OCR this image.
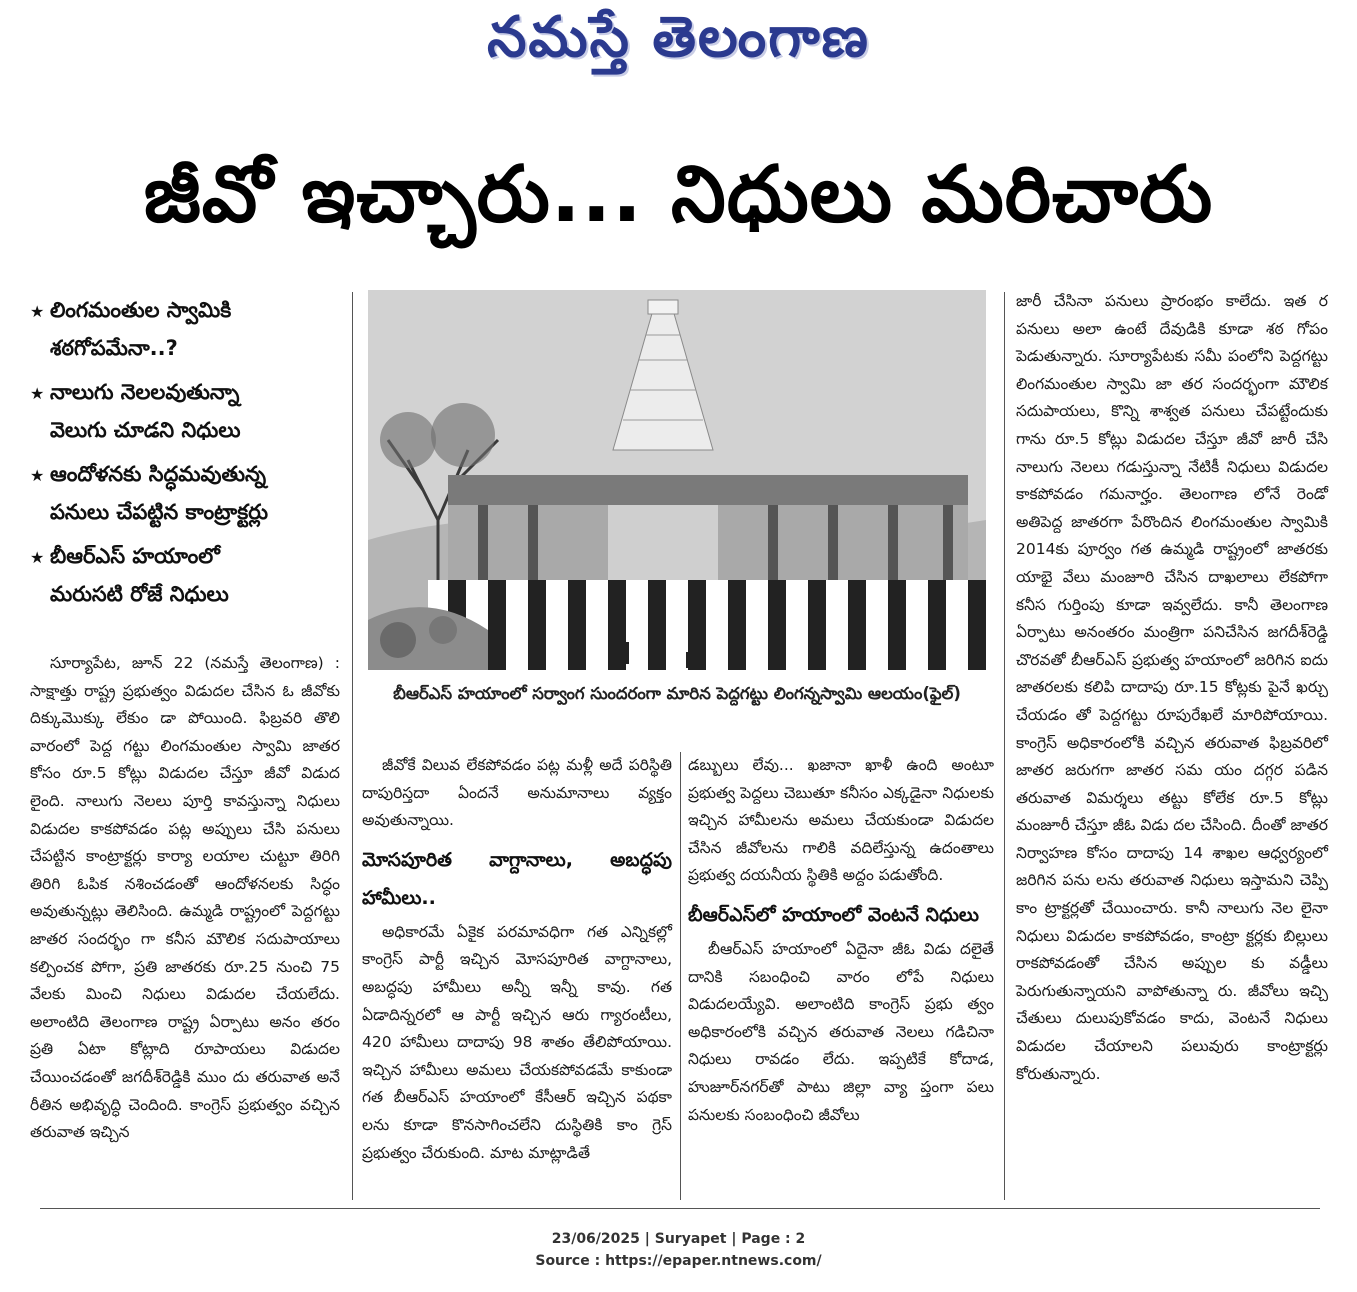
నమస్తే తెలంగాణ
జీవో ఇచ్చారు... నిధులు మరిచారు
★ లింగమంతుల స్వామికి
శఠగోపమేనా..?
★ నాలుగు నెలలవుతున్నా
వెలుగు చూడని నిధులు
★ ఆందోళనకు సిద్ధమవుతున్న
పనులు చేపట్టిన కాంట్రాక్టర్లు
★ బీఆర్ఎస్ హయాంలో
మరుసటి రోజే నిధులు
బీఆర్ఎస్ హయాంలో సర్వాంగ సుందరంగా మారిన పెద్దగట్టు లింగన్నస్వామి ఆలయం(ఫైల్)

సూర్యాపేట, జూన్ 22 (నమస్తే తెలంగాణ) : సాక్షాత్తు రాష్ట్ర ప్రభుత్వం విడుదల చేసిన ఓ జీవోకు దిక్కుమొక్కు లేకుం డా పోయింది. ఫిబ్రవరి తొలి వారంలో పెద్ద గట్టు లింగమంతుల స్వామి జాతర కోసం రూ.5 కోట్లు విడుదల చేస్తూ జీవో విడుద లైంది. నాలుగు నెలలు పూర్తి కావస్తున్నా నిధులు విడుదల కాకపోవడం పట్ల అప్పులు చేసి పనులు చేపట్టిన కాంట్రాక్టర్లు కార్యా లయాల చుట్టూ తిరిగి తిరిగి ఓపిక నశించడంతో ఆందోళనలకు సిద్ధం అవుతున్నట్లు తెలిసింది. ఉమ్మడి రాష్ట్రంలో పెద్దగట్టు జాతర సందర్భం గా కనీస మౌలిక సదుపాయాలు కల్పించక పోగా, ప్రతి జాతరకు రూ.25 నుంచి 75 వేలకు మించి నిధులు విడుదల చేయలేదు. అలాంటిది తెలంగాణ రాష్ట్ర ఏర్పాటు అనం తరం ప్రతి ఏటా కోట్లాది రూపాయలు విడుదల చేయించడంతో జగదీశ్‌రెడ్డికి ముం దు తరువాత అనే రీతిన అభివృద్ధి చెందింది. కాంగ్రెస్ ప్రభుత్వం వచ్చిన తరువాత ఇచ్చిన

జీవోకే విలువ లేకపోవడం పట్ల మళ్లీ అదే పరిస్థితి దాపురిస్తదా ఏందనే అనుమానాలు వ్యక్తం అవుతున్నాయి.

మోసపూరిత వాగ్దానాలు, అబద్ధపు హామీలు..

అధికారమే ఏకైక పరమావధిగా గత ఎన్నికల్లో కాంగ్రెస్ పార్టీ ఇచ్చిన మోసపూరిత వాగ్దానాలు, అబద్ధపు హామీలు అన్నీ ఇన్నీ కావు. గత ఏడాదిన్నరలో ఆ పార్టీ ఇచ్చిన ఆరు గ్యారంటీలు, 420 హామీలు దాదాపు 98 శాతం తేలిపోయాయి. ఇచ్చిన హామీలు అమలు చేయకపోవడమే కాకుండా గత బీఆర్ఎస్ హయాంలో కేసీఆర్ ఇచ్చిన పథకా లను కూడా కొనసాగించలేని దుస్థితికి కాం గ్రెస్ ప్రభుత్వం చేరుకుంది. మాట మాట్లాడితే

డబ్బులు లేవు... ఖజానా ఖాళీ ఉంది అంటూ ప్రభుత్వ పెద్దలు చెబుతూ కనీసం ఎక్కడైనా నిధులకు ఇచ్చిన హామీలను అమలు చేయకుండా విడుదల చేసిన జీవోలను గాలికి వదిలేస్తున్న ఉదంతాలు ప్రభుత్వ దయనీయ స్థితికి అద్దం పడుతోంది.

బీఆర్ఎస్‌లో హయాంలో వెంటనే నిధులు

బీఆర్ఎస్ హయాంలో ఏదైనా జీఓ విడు దలైతే దానికి సబంధించి వారం లోపే నిధులు విడుదలయ్యేవి. అలాంటిది కాంగ్రెస్ ప్రభు త్వం అధికారంలోకి వచ్చిన తరువాత నెలలు గడిచినా నిధులు రావడం లేదు. ఇప్పటికే కోదాడ, హుజూర్‌నగర్‌తో పాటు జిల్లా వ్యా ప్తంగా పలు పనులకు సంబంధించి జీవోలు

జారీ చేసినా పనులు ప్రారంభం కాలేదు. ఇత ర పనులు అలా ఉంటే దేవుడికి కూడా శఠ గోపం పెడుతున్నారు. సూర్యాపేటకు సమీ పంలోని పెద్దగట్టు లింగమంతుల స్వామి జా తర సందర్భంగా మౌలిక సదుపాయలు, కొన్ని శాశ్వత పనులు చేపట్టేందుకు గాను రూ.5 కోట్లు విడుదల చేస్తూ జీవో జారీ చేసి నాలుగు నెలలు గడుస్తున్నా నేటికీ నిధులు విడుదల కాకపోవడం గమనార్హం. తెలంగాణ లోనే రెండో అతిపెద్ద జాతరగా పేరొందిన లింగమంతుల స్వామికి 2014కు పూర్వం గత ఉమ్మడి రాష్ట్రంలో జాతరకు యాభై వేలు మంజూరి చేసిన దాఖలాలు లేకపోగా కనీస గుర్తింపు కూడా ఇవ్వలేదు. కానీ తెలంగాణ ఏర్పాటు అనంతరం మంత్రిగా పనిచేసిన జగదీశ్‌రెడ్డి చొరవతో బీఆర్ఎస్ ప్రభుత్వ హయాంలో జరిగిన ఐదు జాతరలకు కలిపి దాదాపు రూ.15 కోట్లకు పైనే ఖర్చు చేయడం తో పెద్దగట్టు రూపురేఖలే మారిపోయాయి. కాంగ్రెస్ అధికారంలోకి వచ్చిన తరువాత ఫిబ్రవరిలో జాతర జరుగగా జాతర సమ యం దగ్గర పడిన తరువాత విమర్శలు తట్టు కోలేక రూ.5 కోట్లు మంజూరీ చేస్తూ జీఓ విడు దల చేసింది. దీంతో జాతర నిర్వాహణ కోసం దాదాపు 14 శాఖల ఆధ్వర్యంలో జరిగిన పను లను తరువాత నిధులు ఇస్తామని చెప్పి కాం ట్రాక్టర్లతో చేయించారు. కానీ నాలుగు నెల లైనా నిధులు విడుదల కాకపోవడం, కాంట్రా క్టర్లకు బిల్లులు రాకపోవడంతో చేసిన అప్పుల కు వడ్డీలు పెరుగుతున్నాయని వాపోతున్నా రు. జీవోలు ఇచ్చి చేతులు దులుపుకోవడం కాదు, వెంటనే నిధులు విడుదల చేయాలని పలువురు కాంట్రాక్టర్లు కోరుతున్నారు.

23/06/2025 | Suryapet | Page : 2
Source : https://epaper.ntnews.com/
